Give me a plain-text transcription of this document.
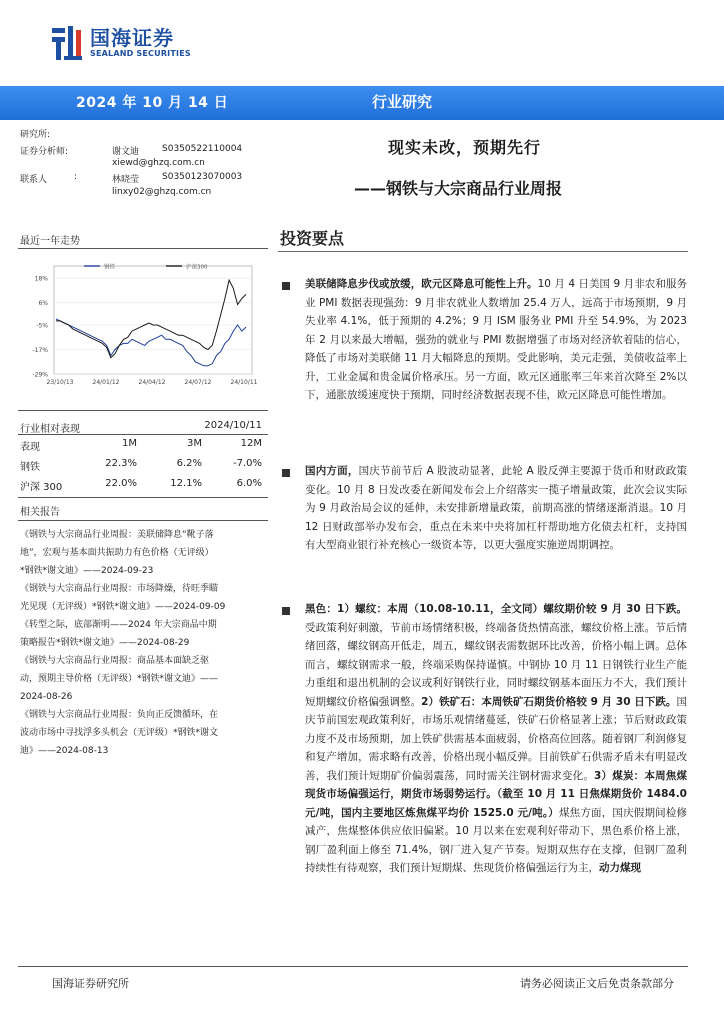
国海证券
SEALAND SECURITIES
2024 年 10 月 14 日	行业研究
研究所:
证券分析师:	谢文迪	S0350522110004
xiewd@ghzq.com.cn
联系人	:	林晓莹	S0350123070003
linxy02@ghzq.com.cn
现实未改，预期先行
——钢铁与大宗商品行业周报
最近一年走势
18%
6%
-5%
-17%
-29%
23/10/13	24/01/12	24/04/12	24/07/12	24/10/11
钢铁	沪深300
行业相对表现	2024/10/11
表现	1M	3M	12M
钢铁	22.3%	6.2%	-7.0%
沪深 300	22.0%	12.1%	6.0%
相关报告

《钢铁与大宗商品行业周报：美联储降息“靴子落

地”，宏观与基本面共振助力有色价格（无评级）

*钢铁*谢文迪》——2024-09-23

《钢铁与大宗商品行业周报：市场降燥，待旺季瞄

光见现（无评级）*钢铁*谢文迪》——2024-09-09

《转型之际，底部渐明——2024 年大宗商品中期

策略报告*钢铁*谢文迪》——2024-08-29

《钢铁与大宗商品行业周报：商品基本面缺乏驱

动，预期主导价格（无评级）*钢铁*谢文迪》——

2024-08-26

《钢铁与大宗商品行业周报：负向正反馈循环，在

波动市场中寻找浮多头机会（无评级）*钢铁*谢文

迪》——2024-08-13

投资要点
美联储降息步伐或放缓，欧元区降息可能性上升。10 月 4 日美国 9 月非农和服务业 PMI 数据表现强劲：9 月非农就业人数增加 25.4 万人，远高于市场预期，9 月失业率 4.1%，低于预期的 4.2%；9 月 ISM 服务业 PMI 升至 54.9%，为 2023 年 2 月以来最大增幅，强劲的就业与 PMI 数据增强了市场对经济软着陆的信心，降低了市场对美联储 11 月大幅降息的预期。受此影响，美元走强，美债收益率上升，工业金属和贵金属价格承压。另一方面，欧元区通胀率三年来首次降至 2%以下，通胀放缓速度快于预期，同时经济数据表现不佳，欧元区降息可能性增加。
国内方面，国庆节前节后 A 股波动显著，此轮 A 股反弹主要源于货币和财政政策变化。10 月 8 日发改委在新闻发布会上介绍落实一揽子增量政策，此次会议实际为 9 月政治局会议的延伸，未安排新增量政策，前期高涨的情绪逐渐消退。10 月 12 日财政部举办发布会，重点在未来中央将加杠杆帮助地方化债去杠杆，支持国有大型商业银行补充核心一级资本等，以更大强度实施逆周期调控。
黑色：1）螺纹：本周（10.08-10.11，全文同）螺纹期价较 9 月 30 日下跌。受政策利好刺激，节前市场情绪积极，终端备货热情高涨，螺纹价格上涨。节后情绪回落，螺纹钢高开低走，周五，螺纹钢表需数据环比改善，价格小幅上调。总体而言，螺纹钢需求一般，终端采购保持谨慎。中钢协 10 月 11 日钢铁行业生产能力重组和退出机制的会议或利好钢铁行业，同时螺纹钢基本面压力不大，我们预计短期螺纹价格偏强调整。2）铁矿石：本周铁矿石期货价格较 9 月 30 日下跌。国庆节前国宏观政策利好，市场乐观情绪蔓延，铁矿石价格显著上涨；节后财政政策力度不及市场预期，加上铁矿供需基本面疲弱，价格高位回落。随着钢厂利润修复和复产增加，需求略有改善，价格出现小幅反弹。目前铁矿石供需矛盾未有明显改善，我们预计短期矿价偏弱震荡，同时需关注钢材需求变化。3）煤炭：本周焦煤现货市场偏强运行，期货市场弱势运行。（截至 10 月 11 日焦煤期货价 1484.0 元/吨，国内主要地区炼焦煤平均价 1525.0 元/吨。）煤焦方面，国庆假期间检修减产，焦煤整体供应依旧偏紧。10 月以来在宏观利好带动下，黑色系价格上涨，钢厂盈利面上修至 71.4%，钢厂进入复产节奏。短期双焦存在支撑，但钢厂盈利持续性有待观察，我们预计短期煤、焦现货价格偏强运行为主，动力煤现
国海证券研究所	请务必阅读正文后免责条款部分
